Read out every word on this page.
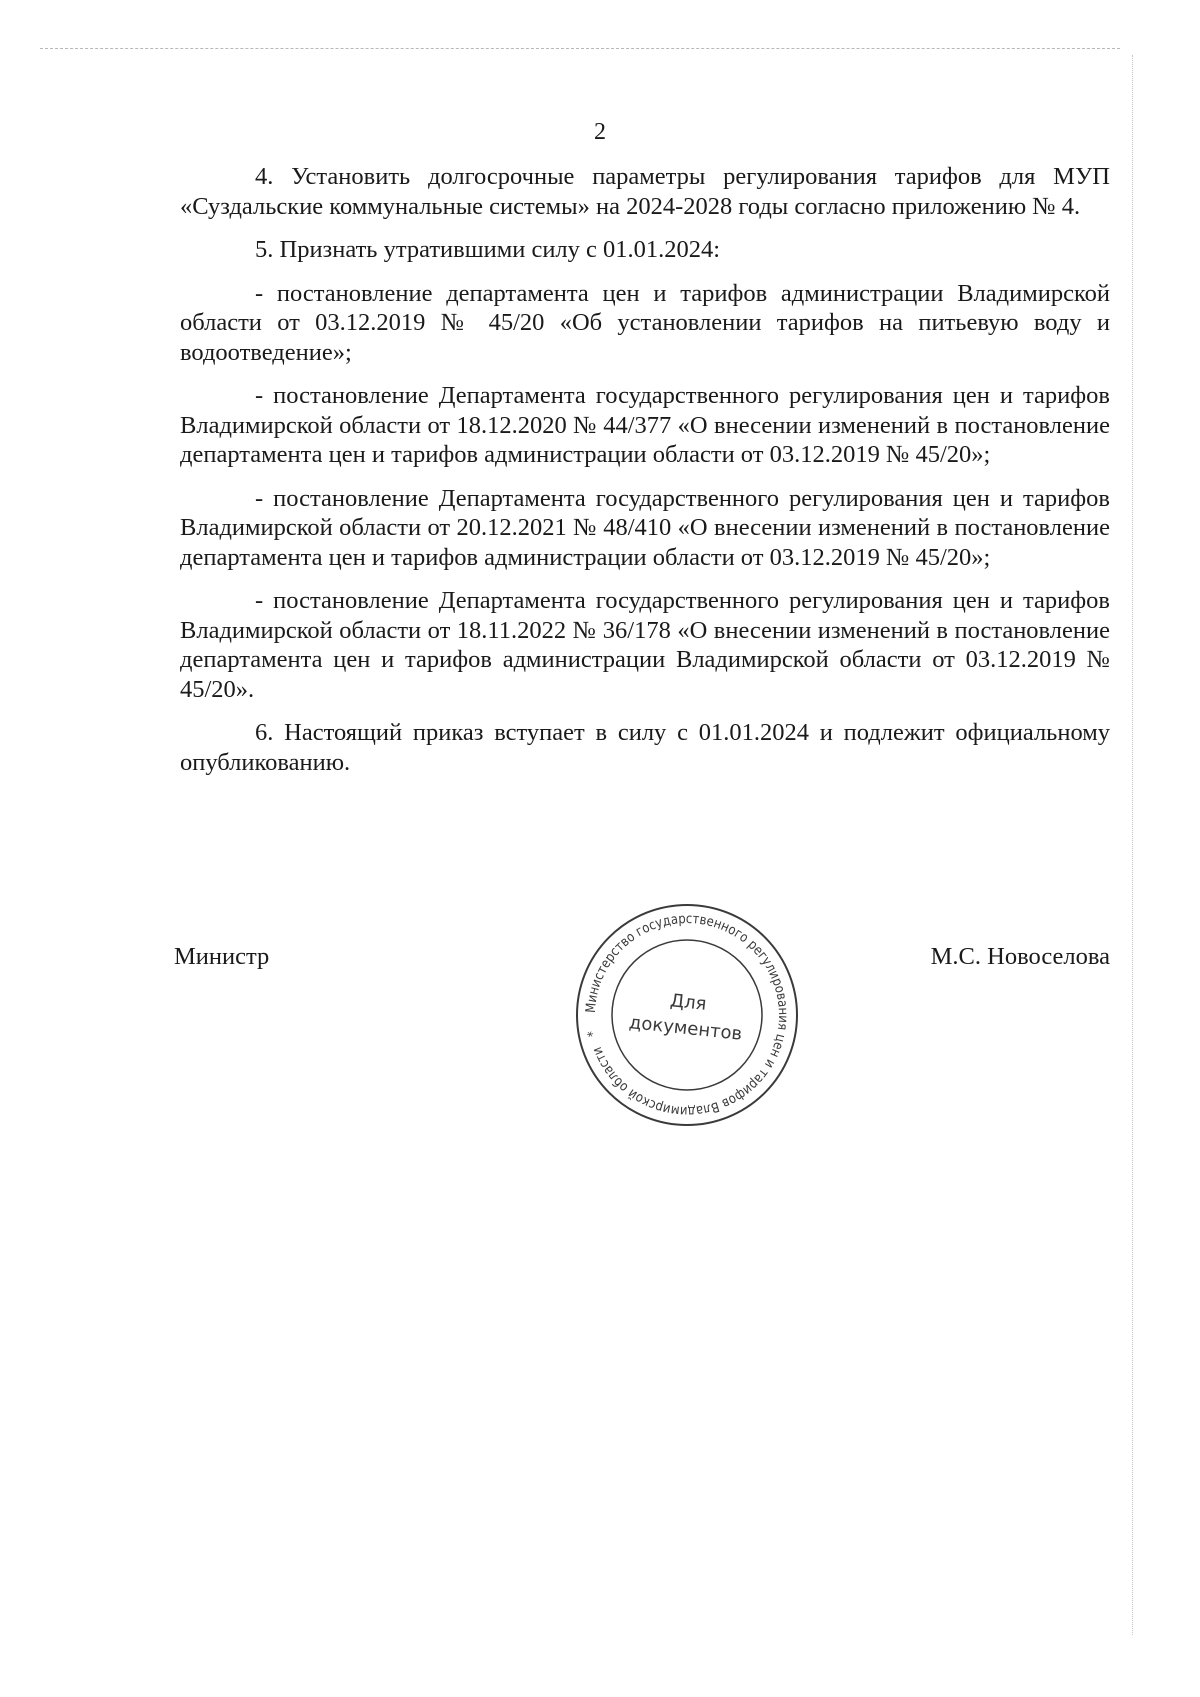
2

4. Установить долгосрочные параметры регулирования тарифов для МУП «Суздальские коммунальные системы» на 2024-2028 годы согласно приложению № 4.

5. Признать утратившими силу с 01.01.2024:

- постановление департамента цен и тарифов администрации Владимирской области от 03.12.2019 № 45/20 «Об установлении тарифов на питьевую воду и водоотведение»;

- постановление Департамента государственного регулирования цен и тарифов Владимирской области от 18.12.2020 № 44/377 «О внесении изменений в постановление департамента цен и тарифов администрации области от 03.12.2019 № 45/20»;

- постановление Департамента государственного регулирования цен и тарифов Владимирской области от 20.12.2021 № 48/410 «О внесении изменений в постановление департамента цен и тарифов администрации области от 03.12.2019 № 45/20»;

- постановление Департамента государственного регулирования цен и тарифов Владимирской области от 18.11.2022 № 36/178 «О внесении изменений в постановление департамента цен и тарифов администрации Владимирской области от 03.12.2019 № 45/20».

6. Настоящий приказ вступает в силу с 01.01.2024 и подлежит официальному опубликованию.

Министр	М.С. Новоселова
Министерство государственного регулирования цен и тарифов Владимирской области *
Для
документов
